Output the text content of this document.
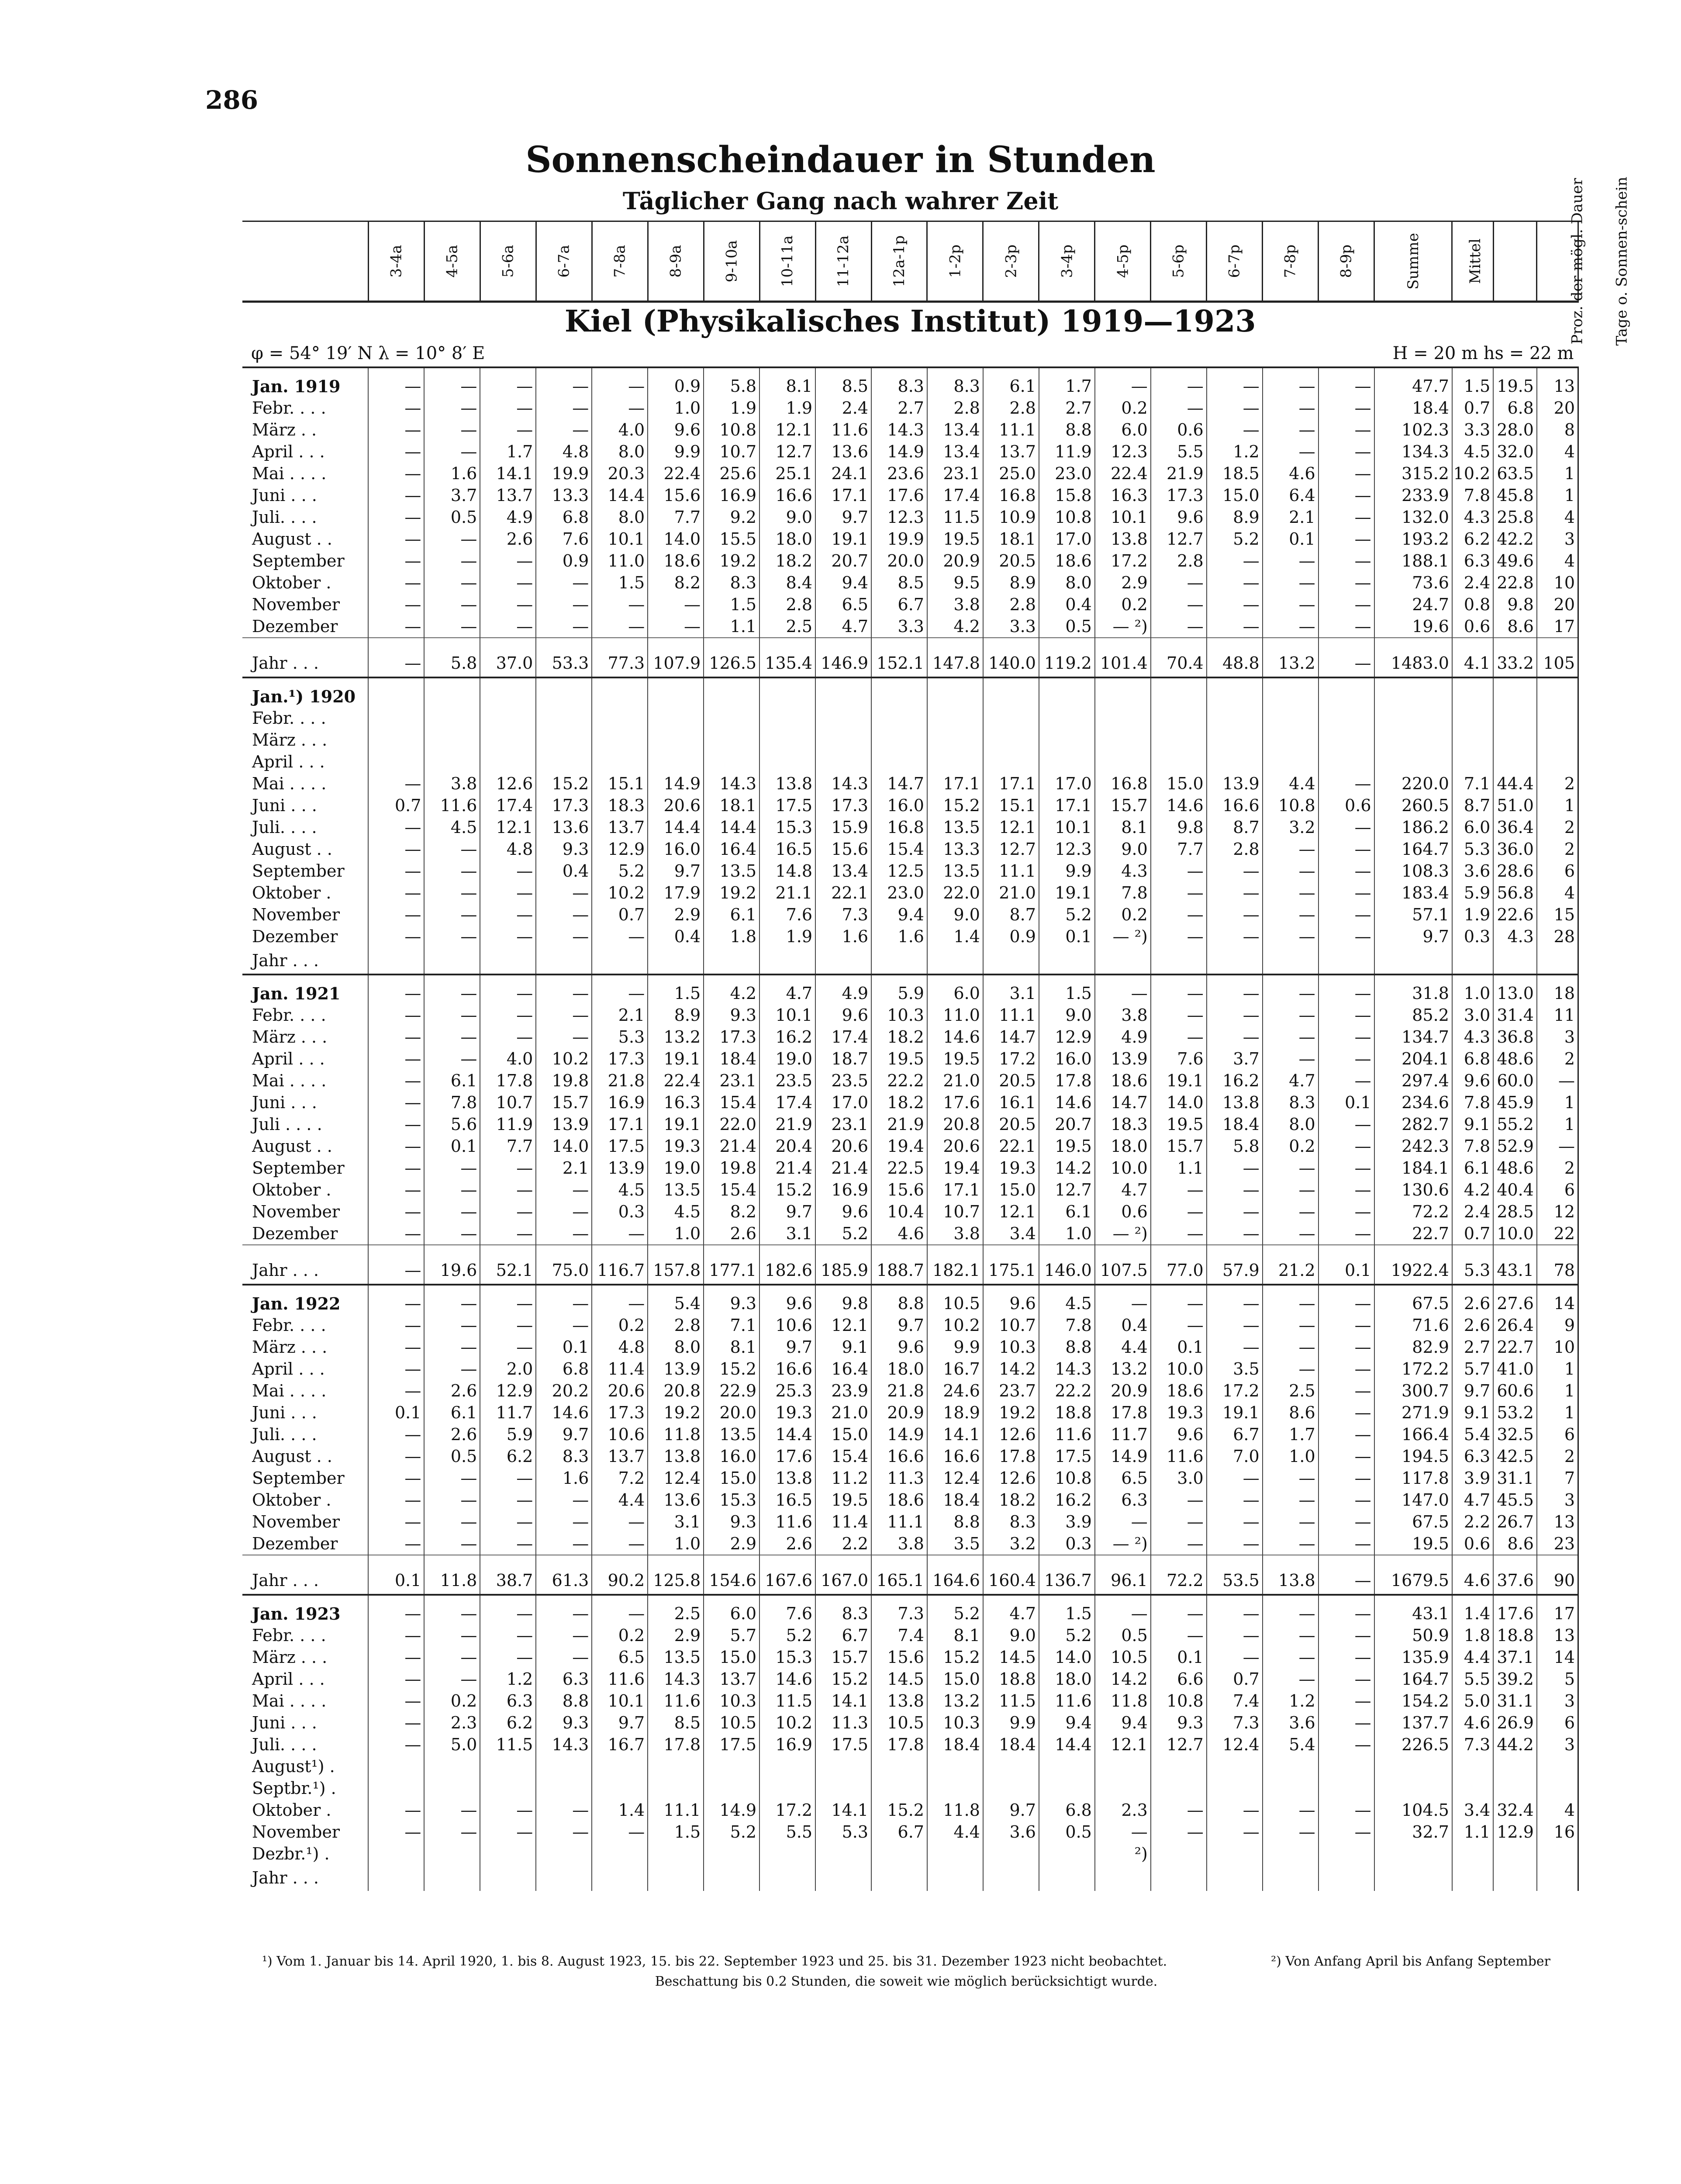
286
Sonnenscheindauer in Stunden
Täglicher Gang nach wahrer Zeit
	3-4a	4-5a	5-6a	6-7a	7-8a	8-9a	9-10a	10-11a	11-12a	12a-1p	1-2p	2-3p	3-4p	4-5p	5-6p	6-7p	7-8p	8-9p	Summe	Mittel	Proz. der mögl. Dauer	Tage o. Sonnen-schein
Kiel (Physikalisches Institut) 1919—1923																						

φ = 54° 19′ N λ = 10° 8′ E H = 20 m hs = 22 m																						

Jan. 1919	—	—	—	—	—	0.9	5.8	8.1	8.5	8.3	8.3	6.1	1.7	—	—	—	—	—	47.7	1.5	19.5	13
Febr. . . .	—	—	—	—	—	1.0	1.9	1.9	2.4	2.7	2.8	2.8	2.7	0.2	—	—	—	—	18.4	0.7	6.8	20
März . .	—	—	—	—	4.0	9.6	10.8	12.1	11.6	14.3	13.4	11.1	8.8	6.0	0.6	—	—	—	102.3	3.3	28.0	8
April . . .	—	—	1.7	4.8	8.0	9.9	10.7	12.7	13.6	14.9	13.4	13.7	11.9	12.3	5.5	1.2	—	—	134.3	4.5	32.0	4
Mai . . . .	—	1.6	14.1	19.9	20.3	22.4	25.6	25.1	24.1	23.6	23.1	25.0	23.0	22.4	21.9	18.5	4.6	—	315.2	10.2	63.5	1
Juni . . .	—	3.7	13.7	13.3	14.4	15.6	16.9	16.6	17.1	17.6	17.4	16.8	15.8	16.3	17.3	15.0	6.4	—	233.9	7.8	45.8	1
Juli. . . .	—	0.5	4.9	6.8	8.0	7.7	9.2	9.0	9.7	12.3	11.5	10.9	10.8	10.1	9.6	8.9	2.1	—	132.0	4.3	25.8	4
August . .	—	—	2.6	7.6	10.1	14.0	15.5	18.0	19.1	19.9	19.5	18.1	17.0	13.8	12.7	5.2	0.1	—	193.2	6.2	42.2	3
September	—	—	—	0.9	11.0	18.6	19.2	18.2	20.7	20.0	20.9	20.5	18.6	17.2	2.8	—	—	—	188.1	6.3	49.6	4
Oktober .	—	—	—	—	1.5	8.2	8.3	8.4	9.4	8.5	9.5	8.9	8.0	2.9	—	—	—	—	73.6	2.4	22.8	10
November	—	—	—	—	—	—	1.5	2.8	6.5	6.7	3.8	2.8	0.4	0.2	—	—	—	—	24.7	0.8	9.8	20
Dezember	—	—	—	—	—	—	1.1	2.5	4.7	3.3	4.2	3.3	0.5	— ²)	—	—	—	—	19.6	0.6	8.6	17
Jahr . . .	—	5.8	37.0	53.3	77.3	107.9	126.5	135.4	146.9	152.1	147.8	140.0	119.2	101.4	70.4	48.8	13.2	—	1483.0	4.1	33.2	105
Jan.¹) 1920																						
Febr. . . .																						
März . . .																						
April . . .																						
Mai . . . .	—	3.8	12.6	15.2	15.1	14.9	14.3	13.8	14.3	14.7	17.1	17.1	17.0	16.8	15.0	13.9	4.4	—	220.0	7.1	44.4	2
Juni . . .	0.7	11.6	17.4	17.3	18.3	20.6	18.1	17.5	17.3	16.0	15.2	15.1	17.1	15.7	14.6	16.6	10.8	0.6	260.5	8.7	51.0	1
Juli. . . .	—	4.5	12.1	13.6	13.7	14.4	14.4	15.3	15.9	16.8	13.5	12.1	10.1	8.1	9.8	8.7	3.2	—	186.2	6.0	36.4	2
August . .	—	—	4.8	9.3	12.9	16.0	16.4	16.5	15.6	15.4	13.3	12.7	12.3	9.0	7.7	2.8	—	—	164.7	5.3	36.0	2
September	—	—	—	0.4	5.2	9.7	13.5	14.8	13.4	12.5	13.5	11.1	9.9	4.3	—	—	—	—	108.3	3.6	28.6	6
Oktober .	—	—	—	—	10.2	17.9	19.2	21.1	22.1	23.0	22.0	21.0	19.1	7.8	—	—	—	—	183.4	5.9	56.8	4
November	—	—	—	—	0.7	2.9	6.1	7.6	7.3	9.4	9.0	8.7	5.2	0.2	—	—	—	—	57.1	1.9	22.6	15
Dezember	—	—	—	—	—	0.4	1.8	1.9	1.6	1.6	1.4	0.9	0.1	— ²)	—	—	—	—	9.7	0.3	4.3	28
Jahr . . .																						
Jan. 1921	—	—	—	—	—	1.5	4.2	4.7	4.9	5.9	6.0	3.1	1.5	—	—	—	—	—	31.8	1.0	13.0	18
Febr. . . .	—	—	—	—	2.1	8.9	9.3	10.1	9.6	10.3	11.0	11.1	9.0	3.8	—	—	—	—	85.2	3.0	31.4	11
März . . .	—	—	—	—	5.3	13.2	17.3	16.2	17.4	18.2	14.6	14.7	12.9	4.9	—	—	—	—	134.7	4.3	36.8	3
April . . .	—	—	4.0	10.2	17.3	19.1	18.4	19.0	18.7	19.5	19.5	17.2	16.0	13.9	7.6	3.7	—	—	204.1	6.8	48.6	2
Mai . . . .	—	6.1	17.8	19.8	21.8	22.4	23.1	23.5	23.5	22.2	21.0	20.5	17.8	18.6	19.1	16.2	4.7	—	297.4	9.6	60.0	—
Juni . . .	—	7.8	10.7	15.7	16.9	16.3	15.4	17.4	17.0	18.2	17.6	16.1	14.6	14.7	14.0	13.8	8.3	0.1	234.6	7.8	45.9	1
Juli . . . .	—	5.6	11.9	13.9	17.1	19.1	22.0	21.9	23.1	21.9	20.8	20.5	20.7	18.3	19.5	18.4	8.0	—	282.7	9.1	55.2	1
August . .	—	0.1	7.7	14.0	17.5	19.3	21.4	20.4	20.6	19.4	20.6	22.1	19.5	18.0	15.7	5.8	0.2	—	242.3	7.8	52.9	—
September	—	—	—	2.1	13.9	19.0	19.8	21.4	21.4	22.5	19.4	19.3	14.2	10.0	1.1	—	—	—	184.1	6.1	48.6	2
Oktober .	—	—	—	—	4.5	13.5	15.4	15.2	16.9	15.6	17.1	15.0	12.7	4.7	—	—	—	—	130.6	4.2	40.4	6
November	—	—	—	—	0.3	4.5	8.2	9.7	9.6	10.4	10.7	12.1	6.1	0.6	—	—	—	—	72.2	2.4	28.5	12
Dezember	—	—	—	—	—	1.0	2.6	3.1	5.2	4.6	3.8	3.4	1.0	— ²)	—	—	—	—	22.7	0.7	10.0	22
Jahr . . .	—	19.6	52.1	75.0	116.7	157.8	177.1	182.6	185.9	188.7	182.1	175.1	146.0	107.5	77.0	57.9	21.2	0.1	1922.4	5.3	43.1	78
Jan. 1922	—	—	—	—	—	5.4	9.3	9.6	9.8	8.8	10.5	9.6	4.5	—	—	—	—	—	67.5	2.6	27.6	14
Febr. . . .	—	—	—	—	0.2	2.8	7.1	10.6	12.1	9.7	10.2	10.7	7.8	0.4	—	—	—	—	71.6	2.6	26.4	9
März . . .	—	—	—	0.1	4.8	8.0	8.1	9.7	9.1	9.6	9.9	10.3	8.8	4.4	0.1	—	—	—	82.9	2.7	22.7	10
April . . .	—	—	2.0	6.8	11.4	13.9	15.2	16.6	16.4	18.0	16.7	14.2	14.3	13.2	10.0	3.5	—	—	172.2	5.7	41.0	1
Mai . . . .	—	2.6	12.9	20.2	20.6	20.8	22.9	25.3	23.9	21.8	24.6	23.7	22.2	20.9	18.6	17.2	2.5	—	300.7	9.7	60.6	1
Juni . . .	0.1	6.1	11.7	14.6	17.3	19.2	20.0	19.3	21.0	20.9	18.9	19.2	18.8	17.8	19.3	19.1	8.6	—	271.9	9.1	53.2	1
Juli. . . .	—	2.6	5.9	9.7	10.6	11.8	13.5	14.4	15.0	14.9	14.1	12.6	11.6	11.7	9.6	6.7	1.7	—	166.4	5.4	32.5	6
August . .	—	0.5	6.2	8.3	13.7	13.8	16.0	17.6	15.4	16.6	16.6	17.8	17.5	14.9	11.6	7.0	1.0	—	194.5	6.3	42.5	2
September	—	—	—	1.6	7.2	12.4	15.0	13.8	11.2	11.3	12.4	12.6	10.8	6.5	3.0	—	—	—	117.8	3.9	31.1	7
Oktober .	—	—	—	—	4.4	13.6	15.3	16.5	19.5	18.6	18.4	18.2	16.2	6.3	—	—	—	—	147.0	4.7	45.5	3
November	—	—	—	—	—	3.1	9.3	11.6	11.4	11.1	8.8	8.3	3.9	—	—	—	—	—	67.5	2.2	26.7	13
Dezember	—	—	—	—	—	1.0	2.9	2.6	2.2	3.8	3.5	3.2	0.3	— ²)	—	—	—	—	19.5	0.6	8.6	23
Jahr . . .	0.1	11.8	38.7	61.3	90.2	125.8	154.6	167.6	167.0	165.1	164.6	160.4	136.7	96.1	72.2	53.5	13.8	—	1679.5	4.6	37.6	90
Jan. 1923	—	—	—	—	—	2.5	6.0	7.6	8.3	7.3	5.2	4.7	1.5	—	—	—	—	—	43.1	1.4	17.6	17
Febr. . . .	—	—	—	—	0.2	2.9	5.7	5.2	6.7	7.4	8.1	9.0	5.2	0.5	—	—	—	—	50.9	1.8	18.8	13
März . . .	—	—	—	—	6.5	13.5	15.0	15.3	15.7	15.6	15.2	14.5	14.0	10.5	0.1	—	—	—	135.9	4.4	37.1	14
April . . .	—	—	1.2	6.3	11.6	14.3	13.7	14.6	15.2	14.5	15.0	18.8	18.0	14.2	6.6	0.7	—	—	164.7	5.5	39.2	5
Mai . . . .	—	0.2	6.3	8.8	10.1	11.6	10.3	11.5	14.1	13.8	13.2	11.5	11.6	11.8	10.8	7.4	1.2	—	154.2	5.0	31.1	3
Juni . . .	—	2.3	6.2	9.3	9.7	8.5	10.5	10.2	11.3	10.5	10.3	9.9	9.4	9.4	9.3	7.3	3.6	—	137.7	4.6	26.9	6
Juli. . . .	—	5.0	11.5	14.3	16.7	17.8	17.5	16.9	17.5	17.8	18.4	18.4	14.4	12.1	12.7	12.4	5.4	—	226.5	7.3	44.2	3
August¹) .																						
Septbr.¹) .																						
Oktober .	—	—	—	—	1.4	11.1	14.9	17.2	14.1	15.2	11.8	9.7	6.8	2.3	—	—	—	—	104.5	3.4	32.4	4
November	—	—	—	—	—	1.5	5.2	5.5	5.3	6.7	4.4	3.6	0.5	—	—	—	—	—	32.7	1.1	12.9	16
Dezbr.¹) .														²)								
Jahr . . .																						
¹) Vom 1. Januar bis 14. April 1920, 1. bis 8. August 1923, 15. bis 22. September 1923 und 25. bis 31. Dezember 1923 nicht beobachtet.	²) Von Anfang April bis Anfang September
Beschattung bis 0.2 Stunden, die soweit wie möglich berücksichtigt wurde.
